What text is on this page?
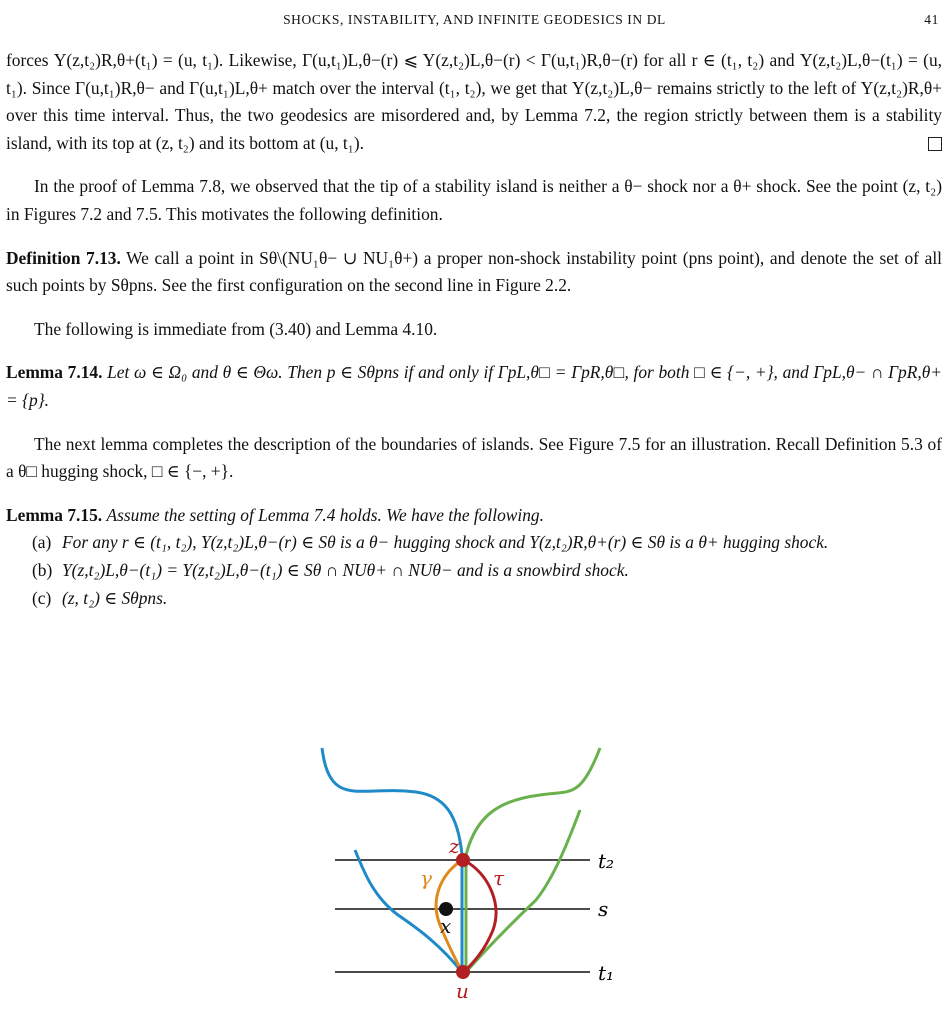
SHOCKS, INSTABILITY, AND INFINITE GEODESICS IN DL	41

forces Υ(z,t₂)R,θ+(t₁) = (u, t₁). Likewise, Γ(u,t₁)L,θ−(r) ⩽ Υ(z,t₂)L,θ−(r) < Γ(u,t₁)R,θ−(r) for all r ∈ (t₁, t₂) and Υ(z,t₂)L,θ−(t₁) = (u, t₁). Since Γ(u,t₁)R,θ− and Γ(u,t₁)L,θ+ match over the interval (t₁, t₂), we get that Υ(z,t₂)L,θ− remains strictly to the left of Υ(z,t₂)R,θ+ over this time interval. Thus, the two geodesics are misordered and, by Lemma 7.2, the region strictly between them is a stability island, with its top at (z, t₂) and its bottom at (u, t₁).

In the proof of Lemma 7.8, we observed that the tip of a stability island is neither a θ− shock nor a θ+ shock. See the point (z, t₂) in Figures 7.2 and 7.5. This motivates the following definition.

Definition 7.13. We call a point in Sθ\(NU₁θ− ∪ NU₁θ+) a proper non-shock instability point (pns point), and denote the set of all such points by Sθpns. See the first configuration on the second line in Figure 2.2.

The following is immediate from (3.40) and Lemma 4.10.

Lemma 7.14. Let ω ∈ Ω₀ and θ ∈ Θω. Then p ∈ Sθpns if and only if ΓpL,θ□ = ΓpR,θ□, for both □ ∈ {−, +}, and ΓpL,θ− ∩ ΓpR,θ+ = {p}.

The next lemma completes the description of the boundaries of islands. See Figure 7.5 for an illustration. Recall Definition 5.3 of a θ□ hugging shock, □ ∈ {−, +}.

Lemma 7.15. Assume the setting of Lemma 7.4 holds. We have the following.

(a) For any r ∈ (t₁, t₂), Υ(z,t₂)L,θ−(r) ∈ Sθ is a θ− hugging shock and Υ(z,t₂)R,θ+(r) ∈ Sθ is a θ+ hugging shock.

(b) Υ(z,t₂)L,θ−(t₁) = Υ(z,t₂)L,θ−(t₁) ∈ Sθ ∩ NUθ+ ∩ NUθ− and is a snowbird shock.

(c) (z, t₂) ∈ Sθpns.

z
u
x
γ	τ
t₂
s
t₁
